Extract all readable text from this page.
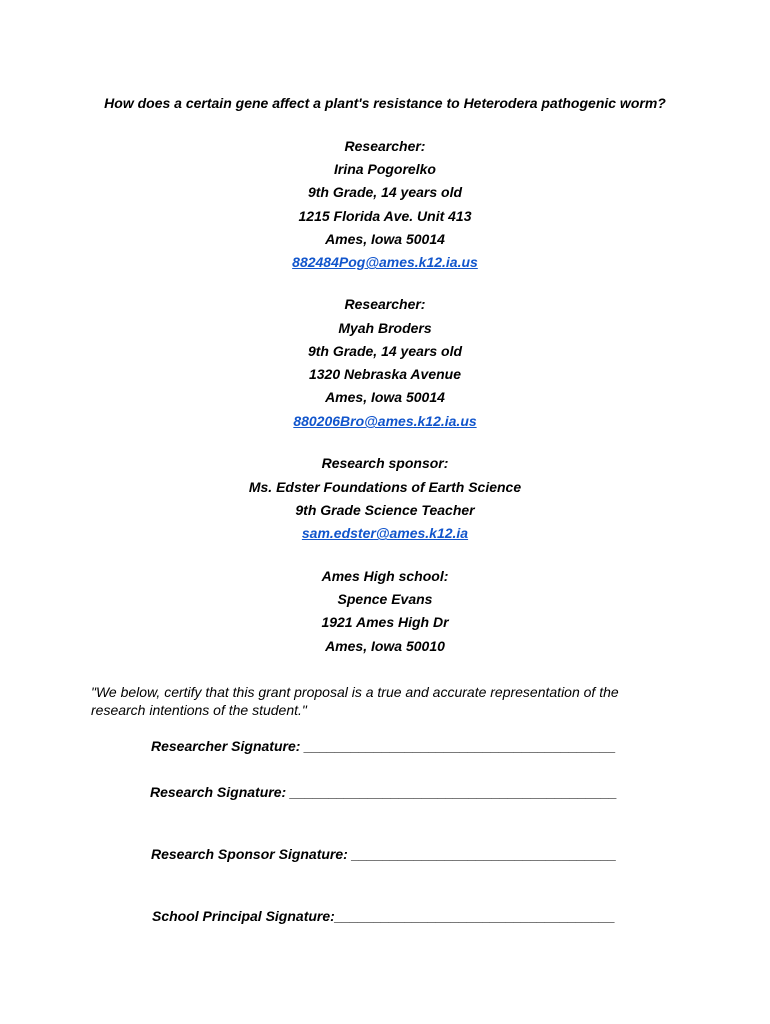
How does a certain gene affect a plant's resistance to Heterodera pathogenic worm?
Researcher:
Irina Pogorelko
9th Grade, 14 years old
1215 Florida Ave. Unit 413
Ames, Iowa 50014
882484Pog@ames.k12.ia.us
Researcher:
Myah Broders
9th Grade, 14 years old
1320 Nebraska Avenue
Ames, Iowa 50014
880206Bro@ames.k12.ia.us
Research sponsor:
Ms. Edster Foundations of Earth Science
9th Grade Science Teacher
sam.edster@ames.k12.ia
Ames High school:
Spence Evans
1921 Ames High Dr
Ames, Iowa 50010
"We below, certify that this grant proposal is a true and accurate representation of the
research intentions of the student."
Researcher Signature: ________________________________________
Research Signature: __________________________________________
Research Sponsor Signature: __________________________________
School Principal Signature:____________________________________
